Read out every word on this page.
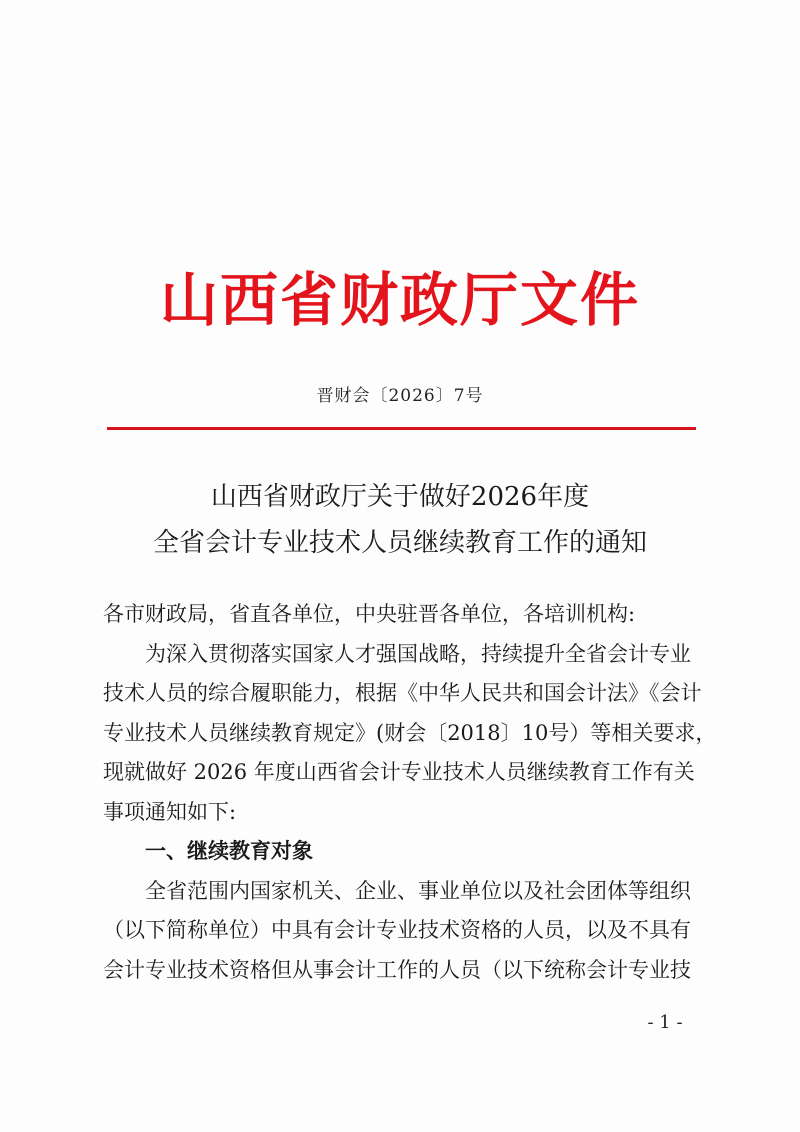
山西省财政厅文件
晋财会〔2026〕7号
山西省财政厅关于做好2026年度
全省会计专业技术人员继续教育工作的通知

各市财政局，省直各单位，中央驻晋各单位，各培训机构:

为深入贯彻落实国家人才强国战略，持续提升全省会计专业

技术人员的综合履职能力，根据《中华人民共和国会计法》《会计

专业技术人员继续教育规定》(财会〔2018〕10号）等相关要求，

现就做好 2026 年度山西省会计专业技术人员继续教育工作有关

事项通知如下:

一、继续教育对象

全省范围内国家机关、企业、事业单位以及社会团体等组织

（以下简称单位）中具有会计专业技术资格的人员，以及不具有

会计专业技术资格但从事会计工作的人员（以下统称会计专业技

- 1 -
